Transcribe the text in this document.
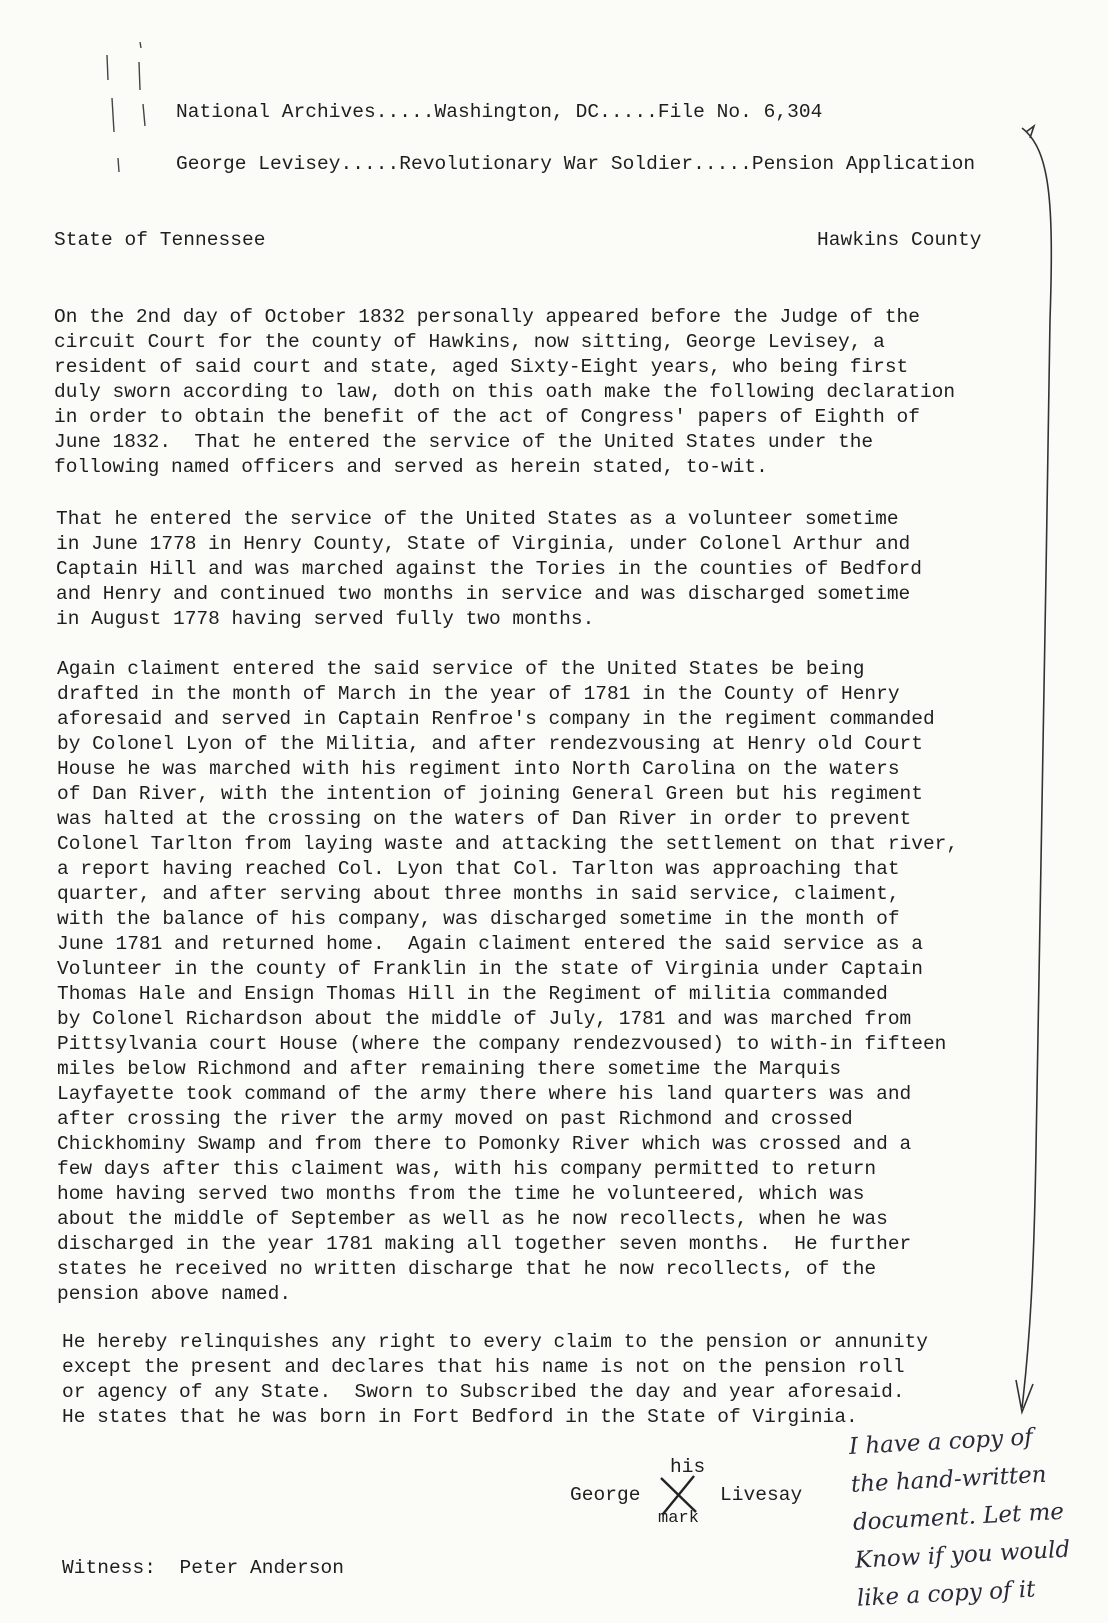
National Archives.....Washington, DC.....File No. 6,304
George Levisey.....Revolutionary War Soldier.....Pension Application
State of Tennessee	Hawkins County
On the 2nd day of October 1832 personally appeared before the Judge of the
circuit Court for the county of Hawkins, now sitting, George Levisey, a
resident of said court and state, aged Sixty-Eight years, who being first
duly sworn according to law, doth on this oath make the following declaration
in order to obtain the benefit of the act of Congress' papers of Eighth of
June 1832.  That he entered the service of the United States under the
following named officers and served as herein stated, to-wit.
That he entered the service of the United States as a volunteer sometime
in June 1778 in Henry County, State of Virginia, under Colonel Arthur and
Captain Hill and was marched against the Tories in the counties of Bedford
and Henry and continued two months in service and was discharged sometime
in August 1778 having served fully two months.
Again claiment entered the said service of the United States be being
drafted in the month of March in the year of 1781 in the County of Henry
aforesaid and served in Captain Renfroe's company in the regiment commanded
by Colonel Lyon of the Militia, and after rendezvousing at Henry old Court
House he was marched with his regiment into North Carolina on the waters
of Dan River, with the intention of joining General Green but his regiment
was halted at the crossing on the waters of Dan River in order to prevent
Colonel Tarlton from laying waste and attacking the settlement on that river,
a report having reached Col. Lyon that Col. Tarlton was approaching that
quarter, and after serving about three months in said service, claiment,
with the balance of his company, was discharged sometime in the month of
June 1781 and returned home.  Again claiment entered the said service as a
Volunteer in the county of Franklin in the state of Virginia under Captain
Thomas Hale and Ensign Thomas Hill in the Regiment of militia commanded
by Colonel Richardson about the middle of July, 1781 and was marched from
Pittsylvania court House (where the company rendezvoused) to with-in fifteen
miles below Richmond and after remaining there sometime the Marquis
Layfayette took command of the army there where his land quarters was and
after crossing the river the army moved on past Richmond and crossed
Chickhominy Swamp and from there to Pomonky River which was crossed and a
few days after this claiment was, with his company permitted to return
home having served two months from the time he volunteered, which was
about the middle of September as well as he now recollects, when he was
discharged in the year 1781 making all together seven months.  He further
states he received no written discharge that he now recollects, of the
pension above named.
He hereby relinquishes any right to every claim to the pension or annunity
except the present and declares that his name is not on the pension roll
or agency of any State.  Sworn to Subscribed the day and year aforesaid.
He states that he was born in Fort Bedford in the State of Virginia.
his
George	Livesay
mark
Witness:  Peter Anderson
I have a copy of
the hand-written
document. Let me
Know if you would
like a copy of it
